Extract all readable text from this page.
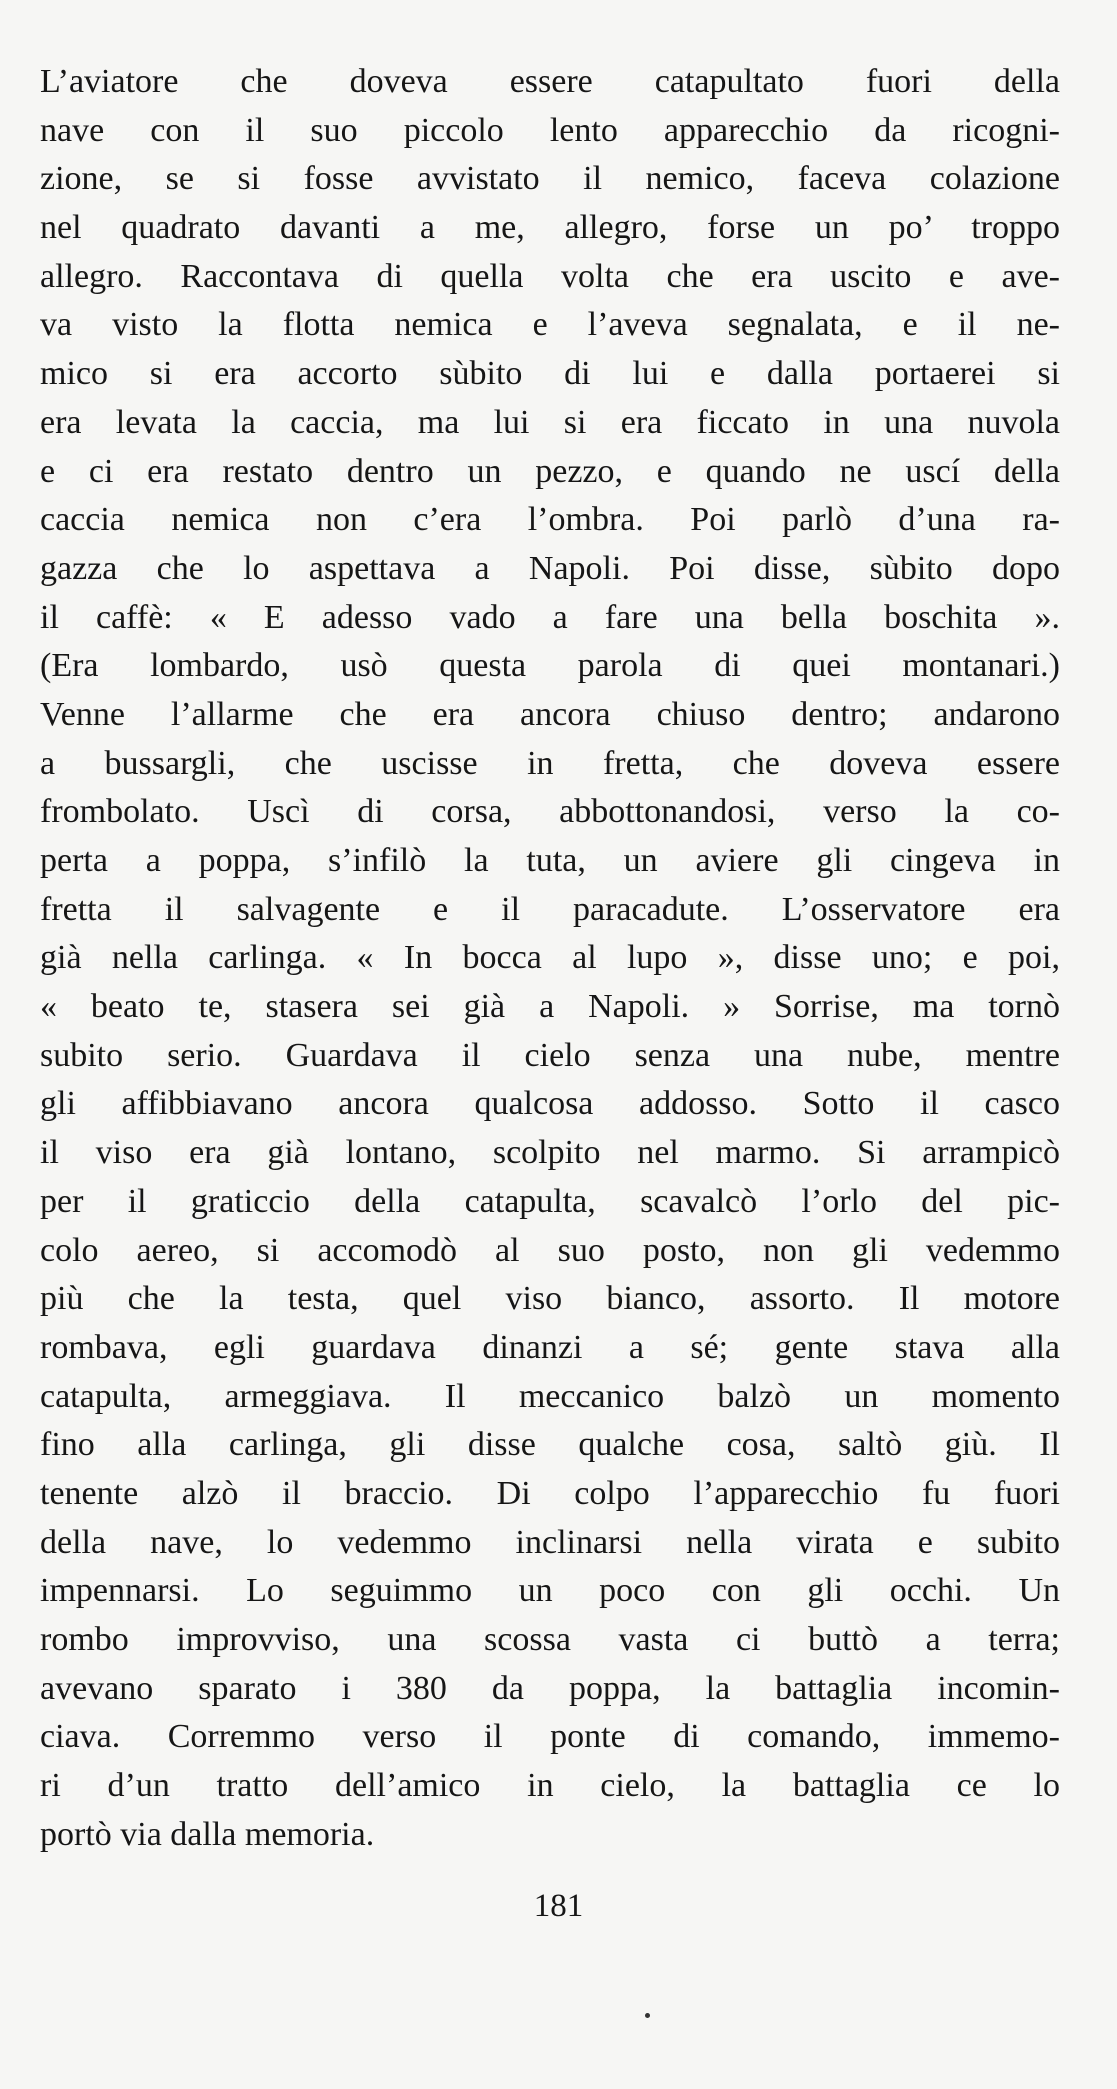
L’aviatore che doveva essere catapultato fuori della
nave con il suo piccolo lento apparecchio da ricogni-
zione, se si fosse avvistato il nemico, faceva colazione
nel quadrato davanti a me, allegro, forse un po’ troppo
allegro. Raccontava di quella volta che era uscito e ave-
va visto la flotta nemica e l’aveva segnalata, e il ne-
mico si era accorto sùbito di lui e dalla portaerei si
era levata la caccia, ma lui si era ficcato in una nuvola
e ci era restato dentro un pezzo, e quando ne uscí della
caccia nemica non c’era l’ombra. Poi parlò d’una ra-
gazza che lo aspettava a Napoli. Poi disse, sùbito dopo
il caffè: « E adesso vado a fare una bella boschita ».
(Era lombardo, usò questa parola di quei montanari.)
Venne l’allarme che era ancora chiuso dentro; andarono
a bussargli, che uscisse in fretta, che doveva essere
frombolato. Uscì di corsa, abbottonandosi, verso la co-
perta a poppa, s’infilò la tuta, un aviere gli cingeva in
fretta il salvagente e il paracadute. L’osservatore era
già nella carlinga. « In bocca al lupo », disse uno; e poi,
« beato te, stasera sei già a Napoli. » Sorrise, ma tornò
subito serio. Guardava il cielo senza una nube, mentre
gli affibbiavano ancora qualcosa addosso. Sotto il casco
il viso era già lontano, scolpito nel marmo. Si arrampicò
per il graticcio della catapulta, scavalcò l’orlo del pic-
colo aereo, si accomodò al suo posto, non gli vedemmo
più che la testa, quel viso bianco, assorto. Il motore
rombava, egli guardava dinanzi a sé; gente stava alla
catapulta, armeggiava. Il meccanico balzò un momento
fino alla carlinga, gli disse qualche cosa, saltò giù. Il
tenente alzò il braccio. Di colpo l’apparecchio fu fuori
della nave, lo vedemmo inclinarsi nella virata e subito
impennarsi. Lo seguimmo un poco con gli occhi. Un
rombo improvviso, una scossa vasta ci buttò a terra;
avevano sparato i 380 da poppa, la battaglia incomin-
ciava. Corremmo verso il ponte di comando, immemo-
ri d’un tratto dell’amico in cielo, la battaglia ce lo
portò via dalla memoria.
181
